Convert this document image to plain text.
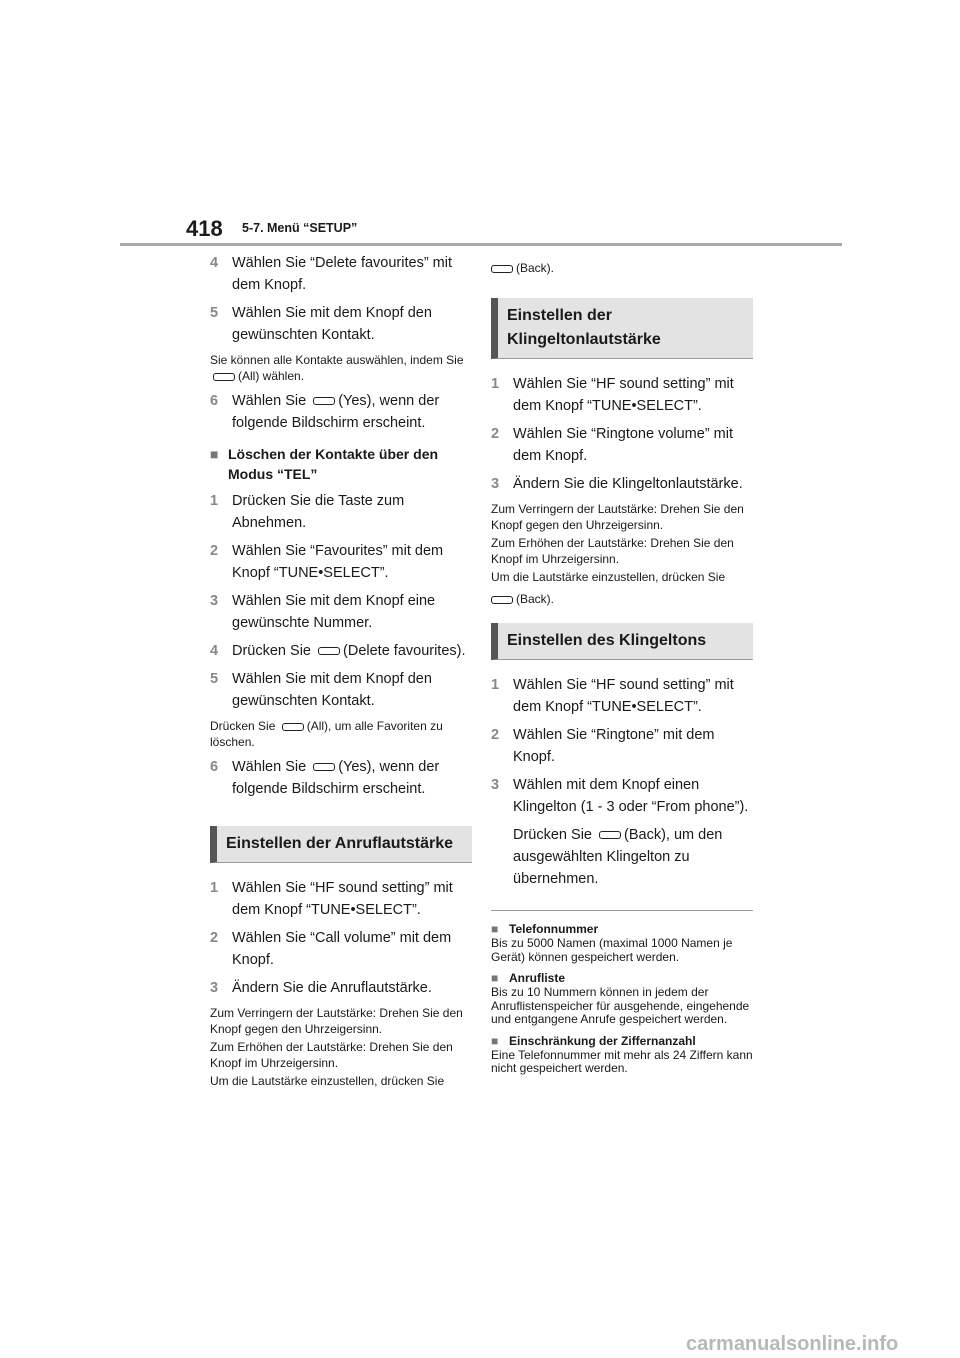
418 5-7. Menü “SETUP”
4 Wählen Sie “Delete favourites” mit dem Knopf.
5 Wählen Sie mit dem Knopf den gewünschten Kontakt.
Sie können alle Kontakte auswählen, indem Sie (All) wählen.
6 Wählen Sie (Yes), wenn der folgende Bildschirm erscheint.
■ Löschen der Kontakte über den Modus “TEL”
1 Drücken Sie die Taste zum Abnehmen.
2 Wählen Sie “Favourites” mit dem Knopf “TUNE•SELECT”.
3 Wählen Sie mit dem Knopf eine gewünschte Nummer.
4 Drücken Sie (Delete favourites).
5 Wählen Sie mit dem Knopf den gewünschten Kontakt.
Drücken Sie	(All), um alle Favoriten zu löschen.
6 Wählen Sie (Yes), wenn der folgende Bildschirm erscheint.
Einstellen der Anruflautstärke
1 Wählen Sie “HF sound setting” mit dem Knopf “TUNE•SELECT”.
2 Wählen Sie “Call volume” mit dem Knopf.
3 Ändern Sie die Anruflautstärke.
Zum Verringern der Lautstärke: Drehen Sie den Knopf gegen den Uhrzeigersinn.
Zum Erhöhen der Lautstärke: Drehen Sie den Knopf im Uhrzeigersinn.
Um die Lautstärke einzustellen, drücken Sie
(Back).
Einstellen der Klingeltonlautstärke
1 Wählen Sie “HF sound setting” mit dem Knopf “TUNE•SELECT”.
2 Wählen Sie “Ringtone volume” mit dem Knopf.
3 Ändern Sie die Klingeltonlautstärke.
Zum Verringern der Lautstärke: Drehen Sie den Knopf gegen den Uhrzeigersinn.
Zum Erhöhen der Lautstärke: Drehen Sie den Knopf im Uhrzeigersinn.
Um die Lautstärke einzustellen, drücken Sie
(Back).
Einstellen des Klingeltons
1 Wählen Sie “HF sound setting” mit dem Knopf “TUNE•SELECT”.
2 Wählen Sie “Ringtone” mit dem Knopf.
3 Wählen mit dem Knopf einen Klingelton (1 - 3 oder “From phone”).
Drücken Sie (Back), um den ausgewählten Klingelton zu übernehmen.
■ Telefonnummer
Bis zu 5000 Namen (maximal 1000 Namen je Gerät) können gespeichert werden.
■ Anrufliste
Bis zu 10 Nummern können in jedem der Anruflistenspeicher für ausgehende, eingehende und entgangene Anrufe gespeichert werden.
■ Einschränkung der Ziffernanzahl
Eine Telefonnummer mit mehr als 24 Ziffern kann nicht gespeichert werden.
carmanualsonline.info
